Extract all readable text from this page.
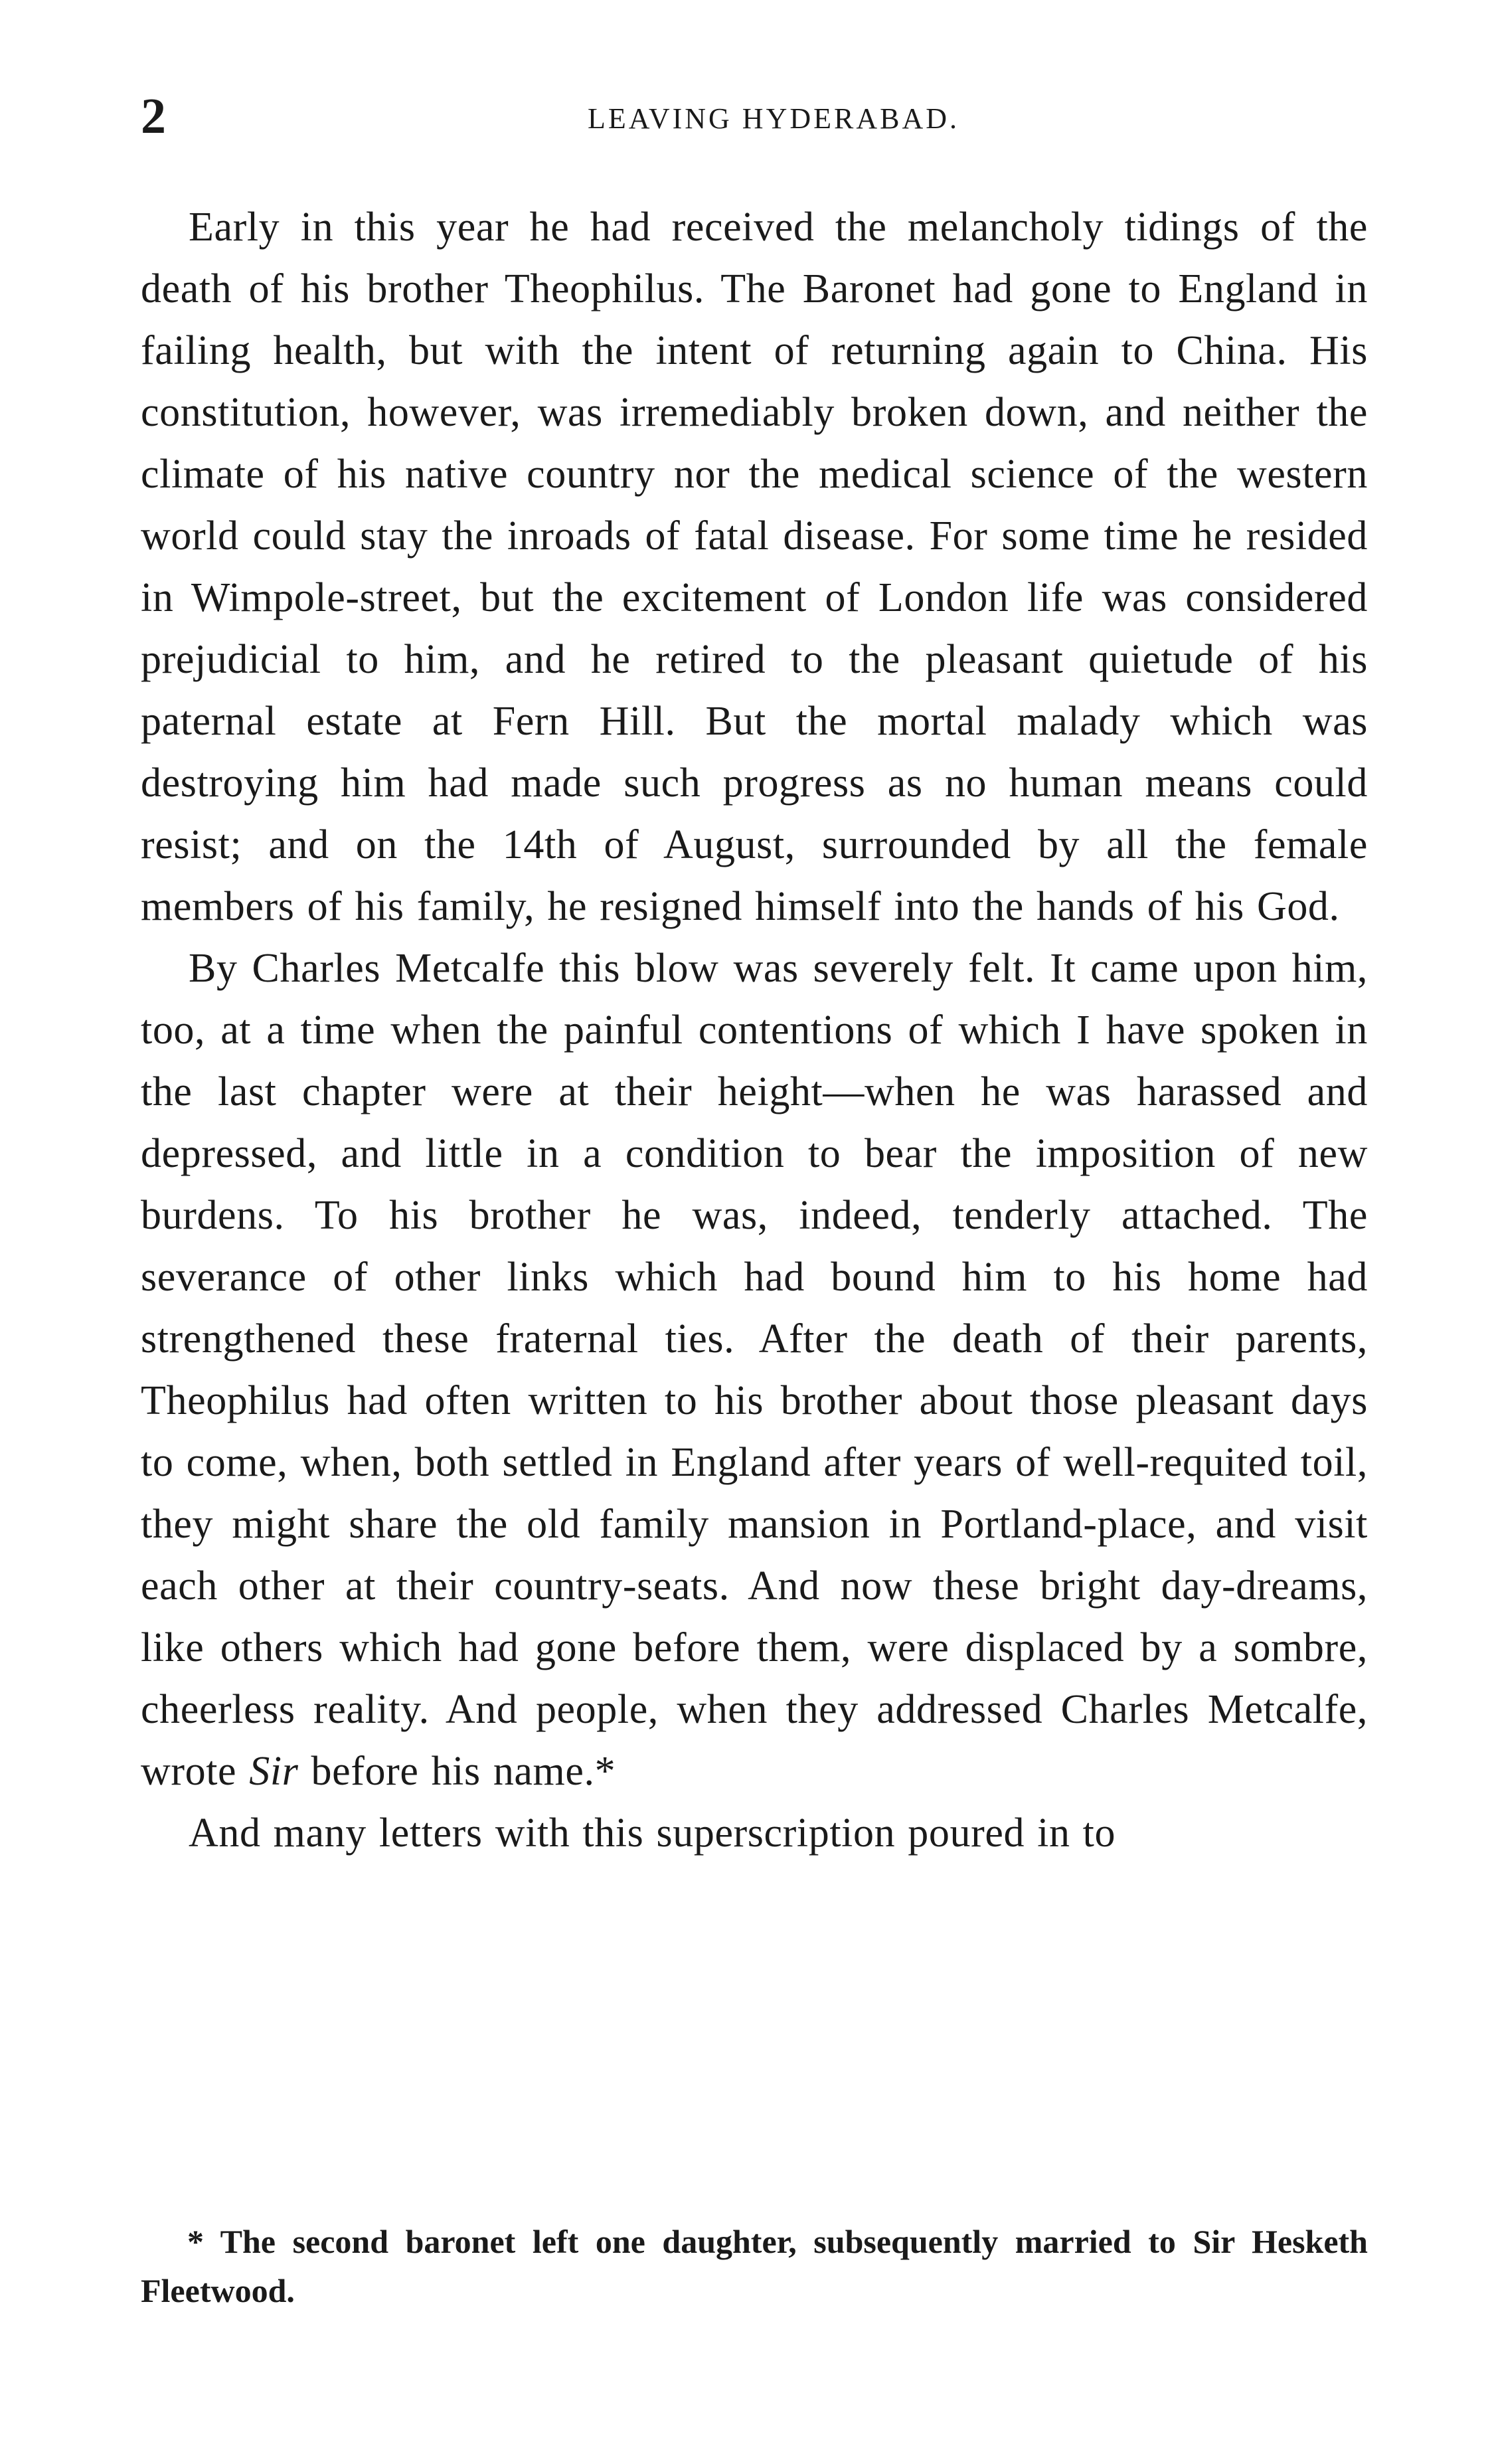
2	LEAVING HYDERABAD.

Early in this year he had received the melancholy tidings of the death of his brother Theophilus. The Baronet had gone to England in failing health, but with the intent of returning again to China. His constitution, however, was irremediably broken down, and neither the climate of his native country nor the medical science of the western world could stay the inroads of fatal disease. For some time he resided in Wimpole-street, but the excitement of London life was considered prejudicial to him, and he retired to the pleasant quietude of his paternal estate at Fern Hill. But the mortal malady which was destroying him had made such progress as no human means could resist; and on the 14th of August, surrounded by all the female members of his family, he resigned himself into the hands of his God.

By Charles Metcalfe this blow was severely felt. It came upon him, too, at a time when the painful contentions of which I have spoken in the last chapter were at their height—when he was harassed and depressed, and little in a condition to bear the imposition of new burdens. To his brother he was, indeed, tenderly attached. The severance of other links which had bound him to his home had strengthened these fraternal ties. After the death of their parents, Theophilus had often written to his brother about those pleasant days to come, when, both settled in England after years of well-requited toil, they might share the old family mansion in Portland-place, and visit each other at their country-seats. And now these bright day-dreams, like others which had gone before them, were displaced by a sombre, cheerless reality. And people, when they addressed Charles Metcalfe, wrote Sir before his name.*

And many letters with this superscription poured in to

* The second baronet left one daughter, subsequently married to Sir Hesketh Fleetwood.
